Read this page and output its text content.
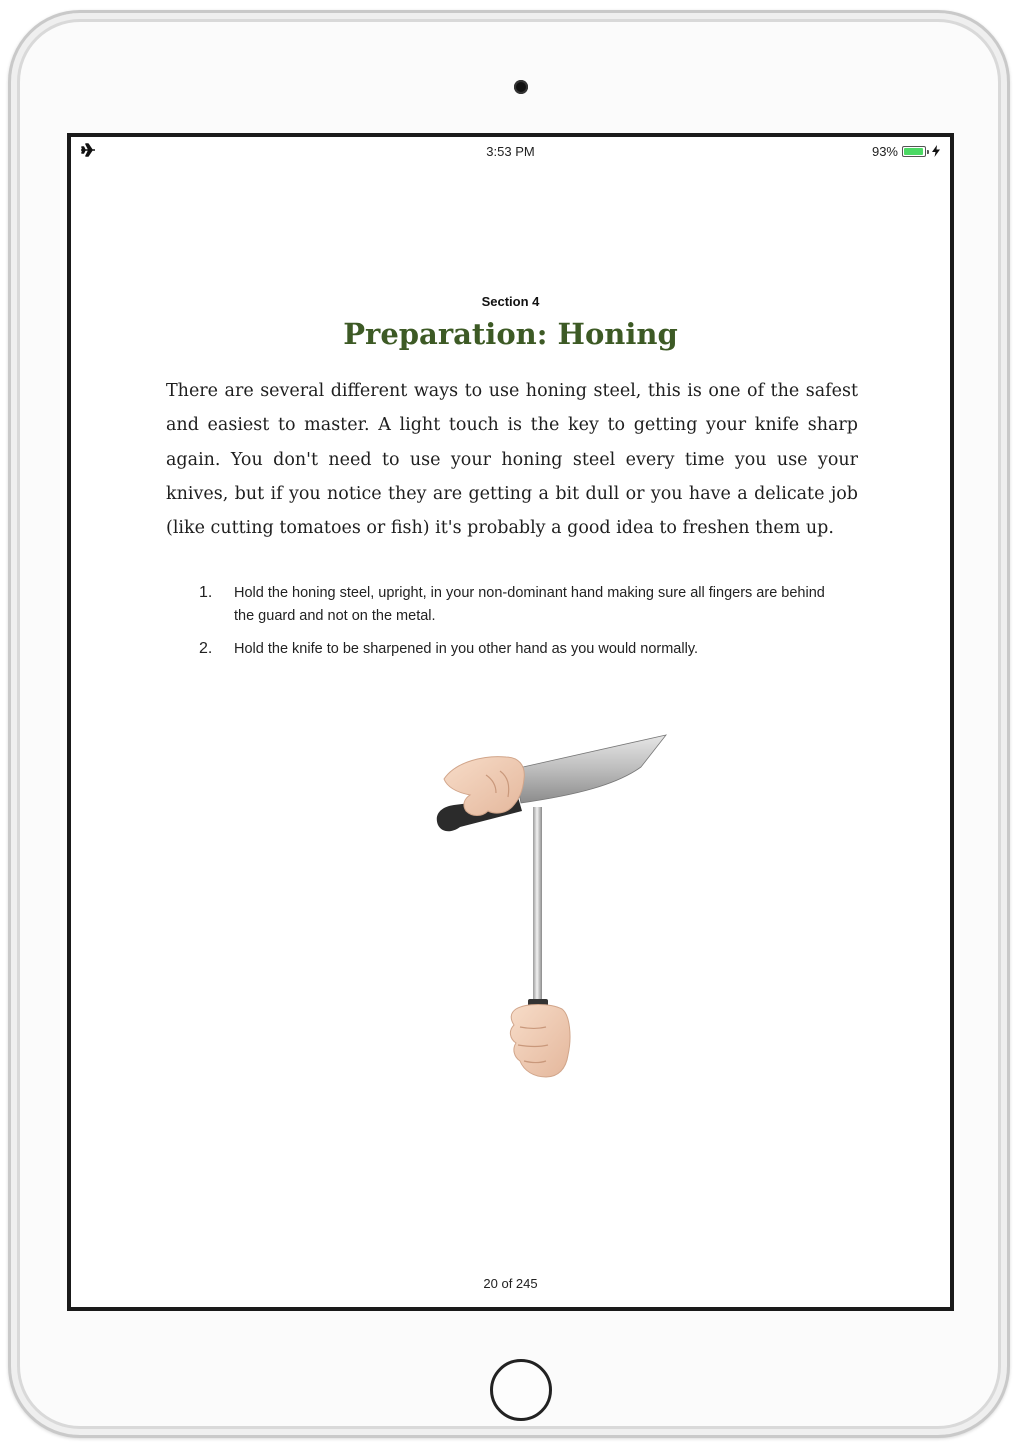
3:53 PM	93%
Section 4
Preparation: Honing

There are several different ways to use honing steel, this is one of the safest and easiest to master. A light touch is the key to getting your knife sharp again. You don't need to use your honing steel every time you use your knives, but if you notice they are getting a bit dull or you have a delicate job (like cutting tomatoes or fish) it's probably a good idea to freshen them up.

1. Hold the honing steel, upright, in your non-dominant hand making sure all fingers are behind the guard and not on the metal.
2. Hold the knife to be sharpened in you other hand as you would normally.
20 of 245
